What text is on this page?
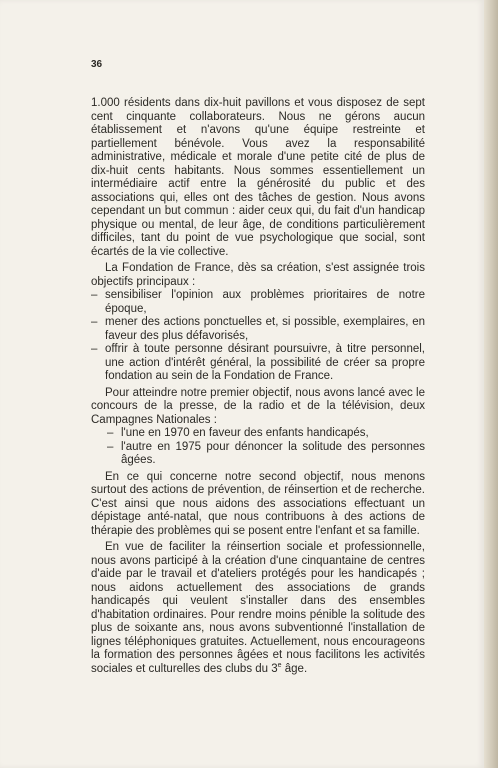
36

1.000 résidents dans dix-huit pavillons et vous disposez de sept cent cinquante collaborateurs. Nous ne gérons aucun établissement et n'avons qu'une équipe restreinte et partiellement bénévole. Vous avez la responsabilité administrative, médicale et morale d'une petite cité de plus de dix-huit cents habitants. Nous sommes essentiellement un intermédiaire actif entre la générosité du public et des associations qui, elles ont des tâches de gestion. Nous avons cependant un but commun : aider ceux qui, du fait d'un handicap physique ou mental, de leur âge, de conditions particulièrement difficiles, tant du point de vue psychologique que social, sont écartés de la vie collective.

La Fondation de France, dès sa création, s'est assignée trois objectifs principaux :

– sensibiliser l'opinion aux problèmes prioritaires de notre époque,
– mener des actions ponctuelles et, si possible, exemplaires, en faveur des plus défavorisés,
– offrir à toute personne désirant poursuivre, à titre personnel, une action d'intérêt général, la possibilité de créer sa propre fondation au sein de la Fondation de France.

Pour atteindre notre premier objectif, nous avons lancé avec le concours de la presse, de la radio et de la télévision, deux Campagnes Nationales :

– l'une en 1970 en faveur des enfants handicapés,
– l'autre en 1975 pour dénoncer la solitude des personnes âgées.

En ce qui concerne notre second objectif, nous menons surtout des actions de prévention, de réinsertion et de recherche. C'est ainsi que nous aidons des associations effectuant un dépistage anté-natal, que nous contribuons à des actions de thérapie des problèmes qui se posent entre l'enfant et sa famille.

En vue de faciliter la réinsertion sociale et professionnelle, nous avons participé à la création d'une cinquantaine de centres d'aide par le travail et d'ateliers protégés pour les handicapés ; nous aidons actuellement des associations de grands handicapés qui veulent s'installer dans des ensembles d'habitation ordinaires. Pour rendre moins pénible la solitude des plus de soixante ans, nous avons subventionné l'installation de lignes téléphoniques gratuites. Actuellement, nous encourageons la formation des personnes âgées et nous facilitons les activités sociales et culturelles des clubs du 3e âge.
